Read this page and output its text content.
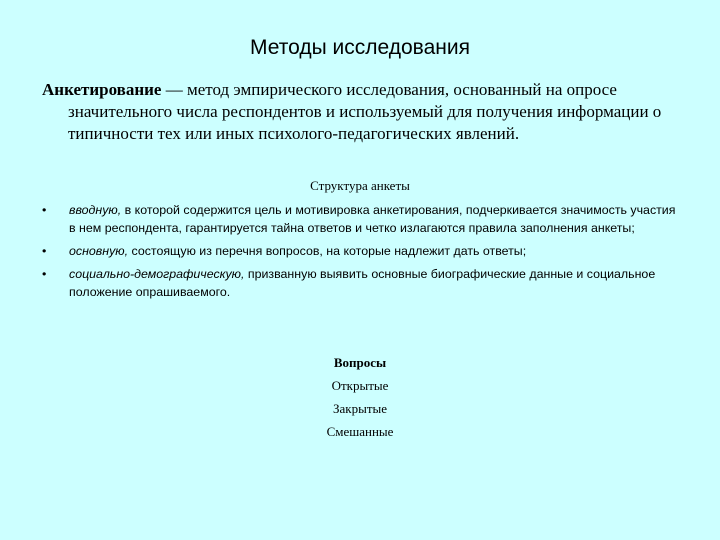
Методы исследования

Анкетирование — метод эмпирического исследования, основанный на опросе значительного числа респондентов и используемый для получения информации о типичности тех или иных психолого-педагогических явлений.

Структура анкеты

• вводную, в которой содержится цель и мотивировка анкетирования, подчеркивается значимость участия в нем респондента, гарантируется тайна ответов и четко излагаются правила заполнения анкеты;
• основную, состоящую из перечня вопросов, на которые надлежит дать ответы;
• социально-демографическую, призванную выявить основные биографические данные и социальное положение опрашиваемого.
Вопросы
Открытые
Закрытые
Смешанные
